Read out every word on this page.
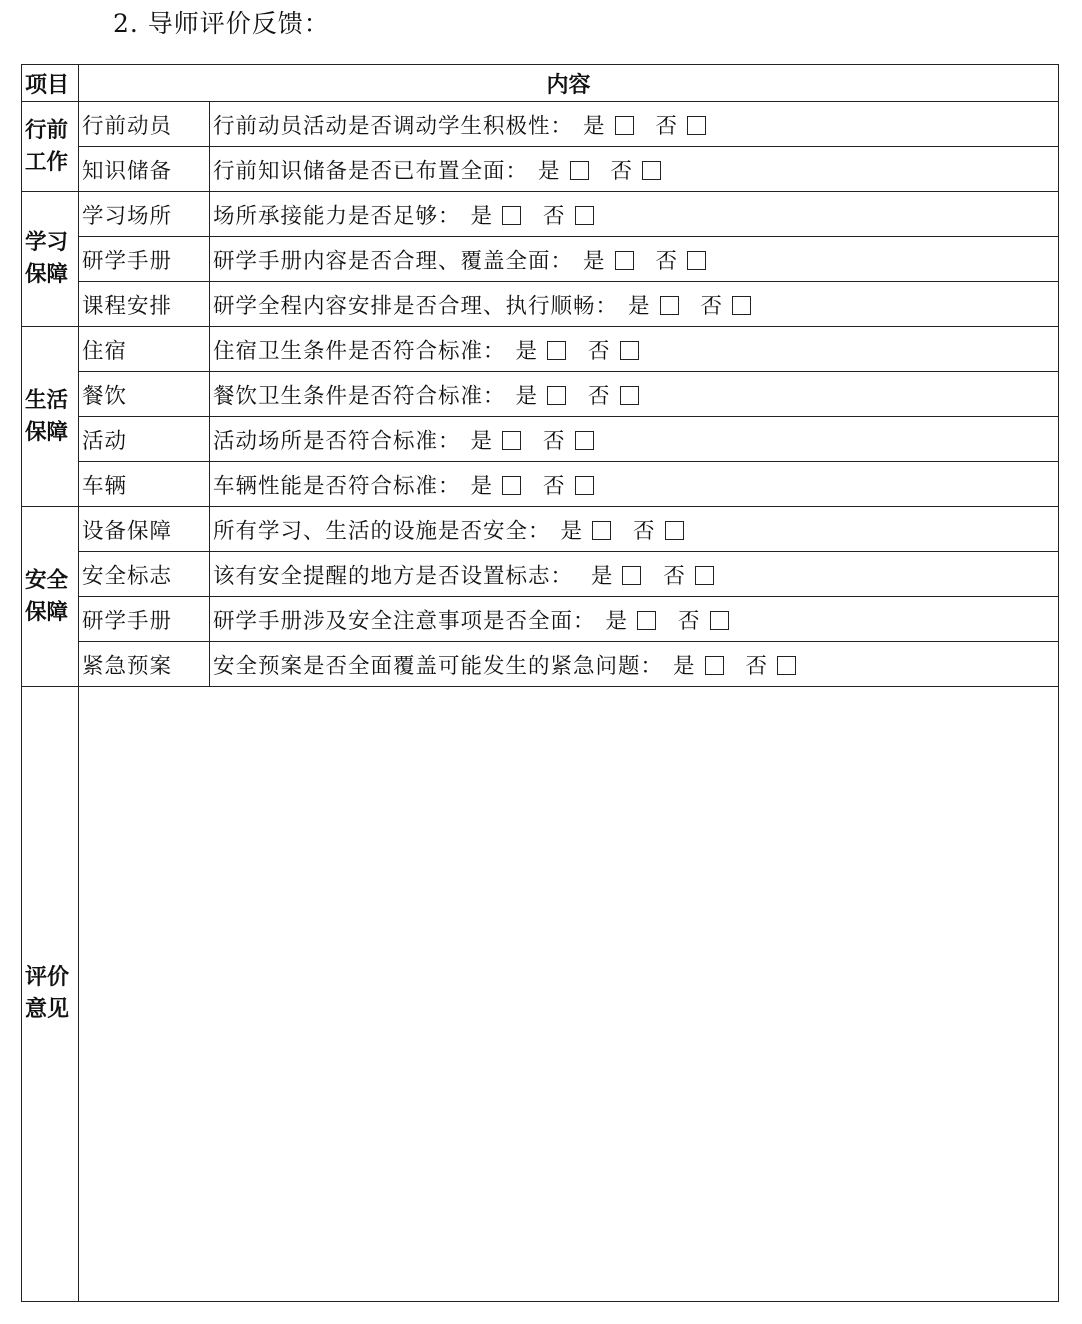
2. 导师评价反馈：
项目	内容	

行前
工作	行前动员	行前动员活动是否调动学生积极性： 是 否
	知识储备	行前知识储备是否已布置全面： 是 否

学习
保障	学习场所	场所承接能力是否足够： 是 否
	研学手册	研学手册内容是否合理、覆盖全面： 是 否
	课程安排	研学全程内容安排是否合理、执行顺畅： 是 否

生活
保障	住宿	住宿卫生条件是否符合标准： 是 否
	餐饮	餐饮卫生条件是否符合标准： 是 否
	活动	活动场所是否符合标准： 是 否
	车辆	车辆性能是否符合标准： 是 否

安全
保障	设备保障	所有学习、生活的设施是否安全： 是 否
	安全标志	该有安全提醒的地方是否设置标志： 是 否
	研学手册	研学手册涉及安全注意事项是否全面： 是 否
	紧急预案	安全预案是否全面覆盖可能发生的紧急问题： 是 否

评价
意见		
